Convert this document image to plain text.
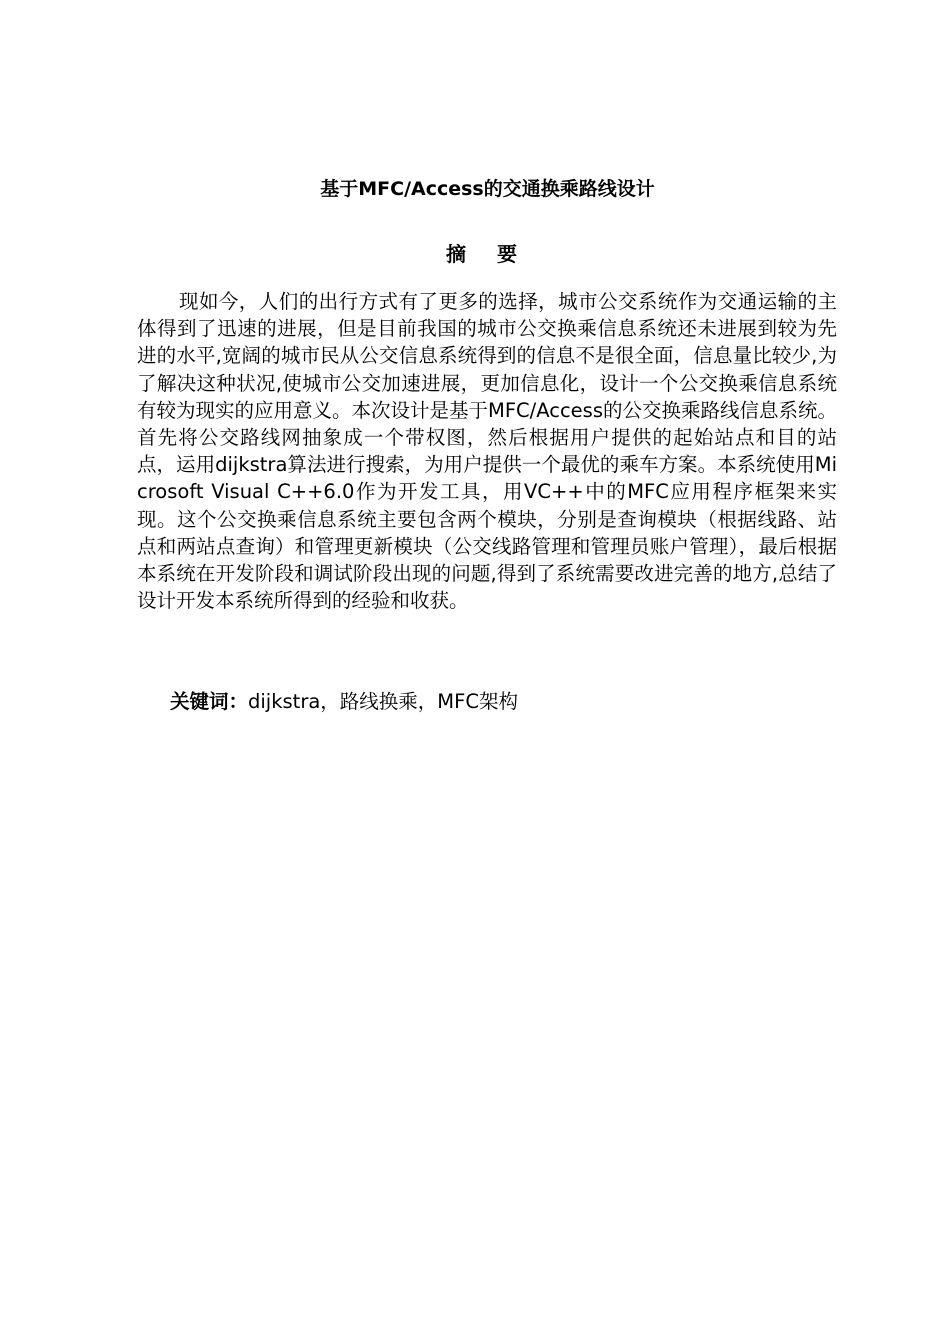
基于MFC/Access的交通换乘路线设计
摘 要

现如今，人们的出行方式有了更多的选择，城市公交系统作为交通运输的主体得到了迅速的进展，但是目前我国的城市公交换乘信息系统还未进展到较为先进的水平,宽阔的城市民从公交信息系统得到的信息不是很全面，信息量比较少,为了解决这种状况,使城市公交加速进展，更加信息化，设计一个公交换乘信息系统有较为现实的应用意义。本次设计是基于MFC/Access的公交换乘路线信息系统。首先将公交路线网抽象成一个带权图，然后根据用户提供的起始站点和目的站点，运用dijkstra算法进行搜索，为用户提供一个最优的乘车方案。本系统使用Microsoft Visual C++6.0作为开发工具，用VC++中的MFC应用程序框架来实现。这个公交换乘信息系统主要包含两个模块，分别是查询模块（根据线路、站点和两站点查询）和管理更新模块（公交线路管理和管理员账户管理），最后根据本系统在开发阶段和调试阶段出现的问题,得到了系统需要改进完善的地方,总结了设计开发本系统所得到的经验和收获。

关键词：dijkstra，路线换乘，MFC架构
